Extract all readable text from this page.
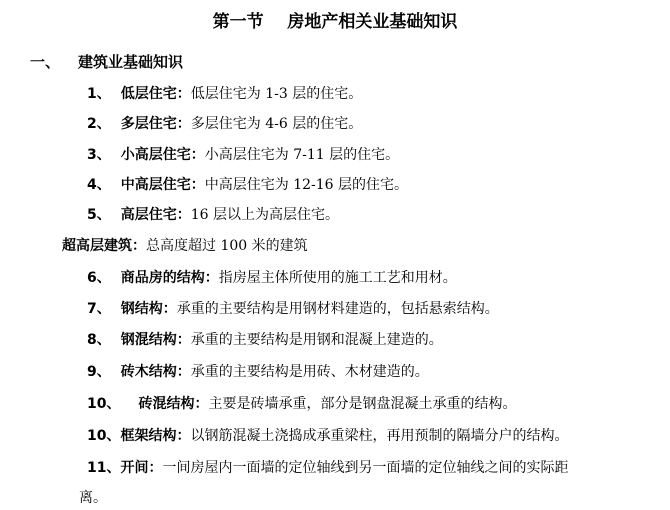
第一节    房地产相关业基础知识
一、 建筑业基础知识
1、 低层住宅：低层住宅为 1-3 层的住宅。
2、 多层住宅：多层住宅为 4-6 层的住宅。
3、 小高层住宅：小高层住宅为 7-11 层的住宅。
4、 中高层住宅：中高层住宅为 12-16 层的住宅。
5、 高层住宅：16 层以上为高层住宅。
超高层建筑：总高度超过 100 米的建筑
6、 商品房的结构：指房屋主体所使用的施工工艺和用材。
7、 钢结构：承重的主要结构是用钢材料建造的，包括悬索结构。
8、 钢混结构：承重的主要结构是用钢和混凝上建造的。
9、 砖木结构：承重的主要结构是用砖、木材建造的。
10、 砖混结构：主要是砖墙承重，部分是钢盘混凝土承重的结构。
10、框架结构：以钢筋混凝土浇捣成承重梁柱，再用预制的隔墙分户的结构。
11、开间：一间房屋内一面墙的定位轴线到另一面墙的定位轴线之间的实际距
离。
